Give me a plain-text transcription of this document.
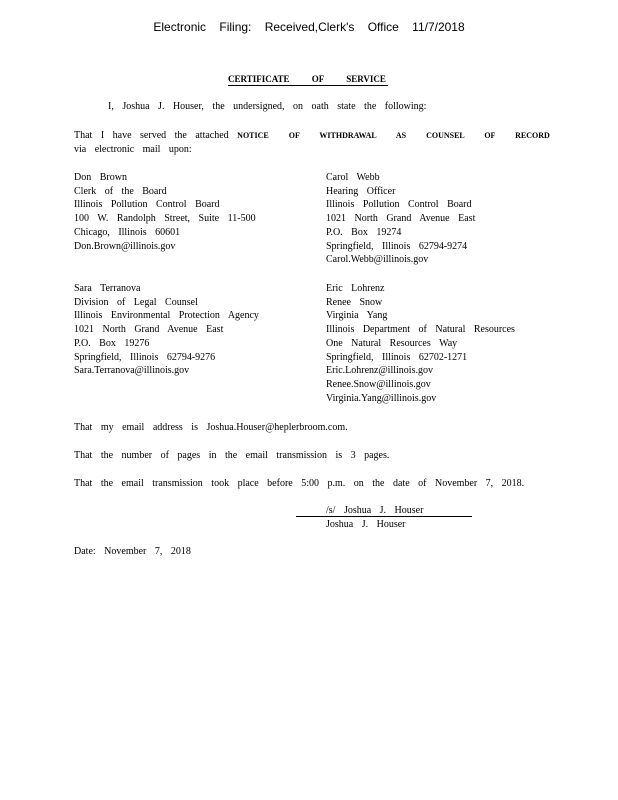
Electronic Filing: Received,Clerk's Office 11/7/2018
CERTIFICATE OF SERVICE
I, Joshua J. Houser, the undersigned, on oath state the following:
That I have served the attached NOTICE OF WITHDRAWAL AS COUNSEL OF RECORD
via electronic mail upon:
Don Brown
Clerk of the Board
Illinois Pollution Control Board
100 W. Randolph Street, Suite 11-500
Chicago, Illinois 60601
Don.Brown@illinois.gov
Carol Webb
Hearing Officer
Illinois Pollution Control Board
1021 North Grand Avenue East
P.O. Box 19274
Springfield, Illinois 62794-9274
Carol.Webb@illinois.gov
Sara Terranova
Division of Legal Counsel
Illinois Environmental Protection Agency
1021 North Grand Avenue East
P.O. Box 19276
Springfield, Illinois 62794-9276
Sara.Terranova@illinois.gov
Eric Lohrenz
Renee Snow
Virginia Yang
Illinois Department of Natural Resources
One Natural Resources Way
Springfield, Illinois 62702-1271
Eric.Lohrenz@illinois.gov
Renee.Snow@illinois.gov
Virginia.Yang@illinois.gov
That my email address is Joshua.Houser@heplerbroom.com.
That the number of pages in the email transmission is 3 pages.
That the email transmission took place before 5:00 p.m. on the date of November 7, 2018.
/s/ Joshua J. Houser
Joshua J. Houser
Date: November 7, 2018
